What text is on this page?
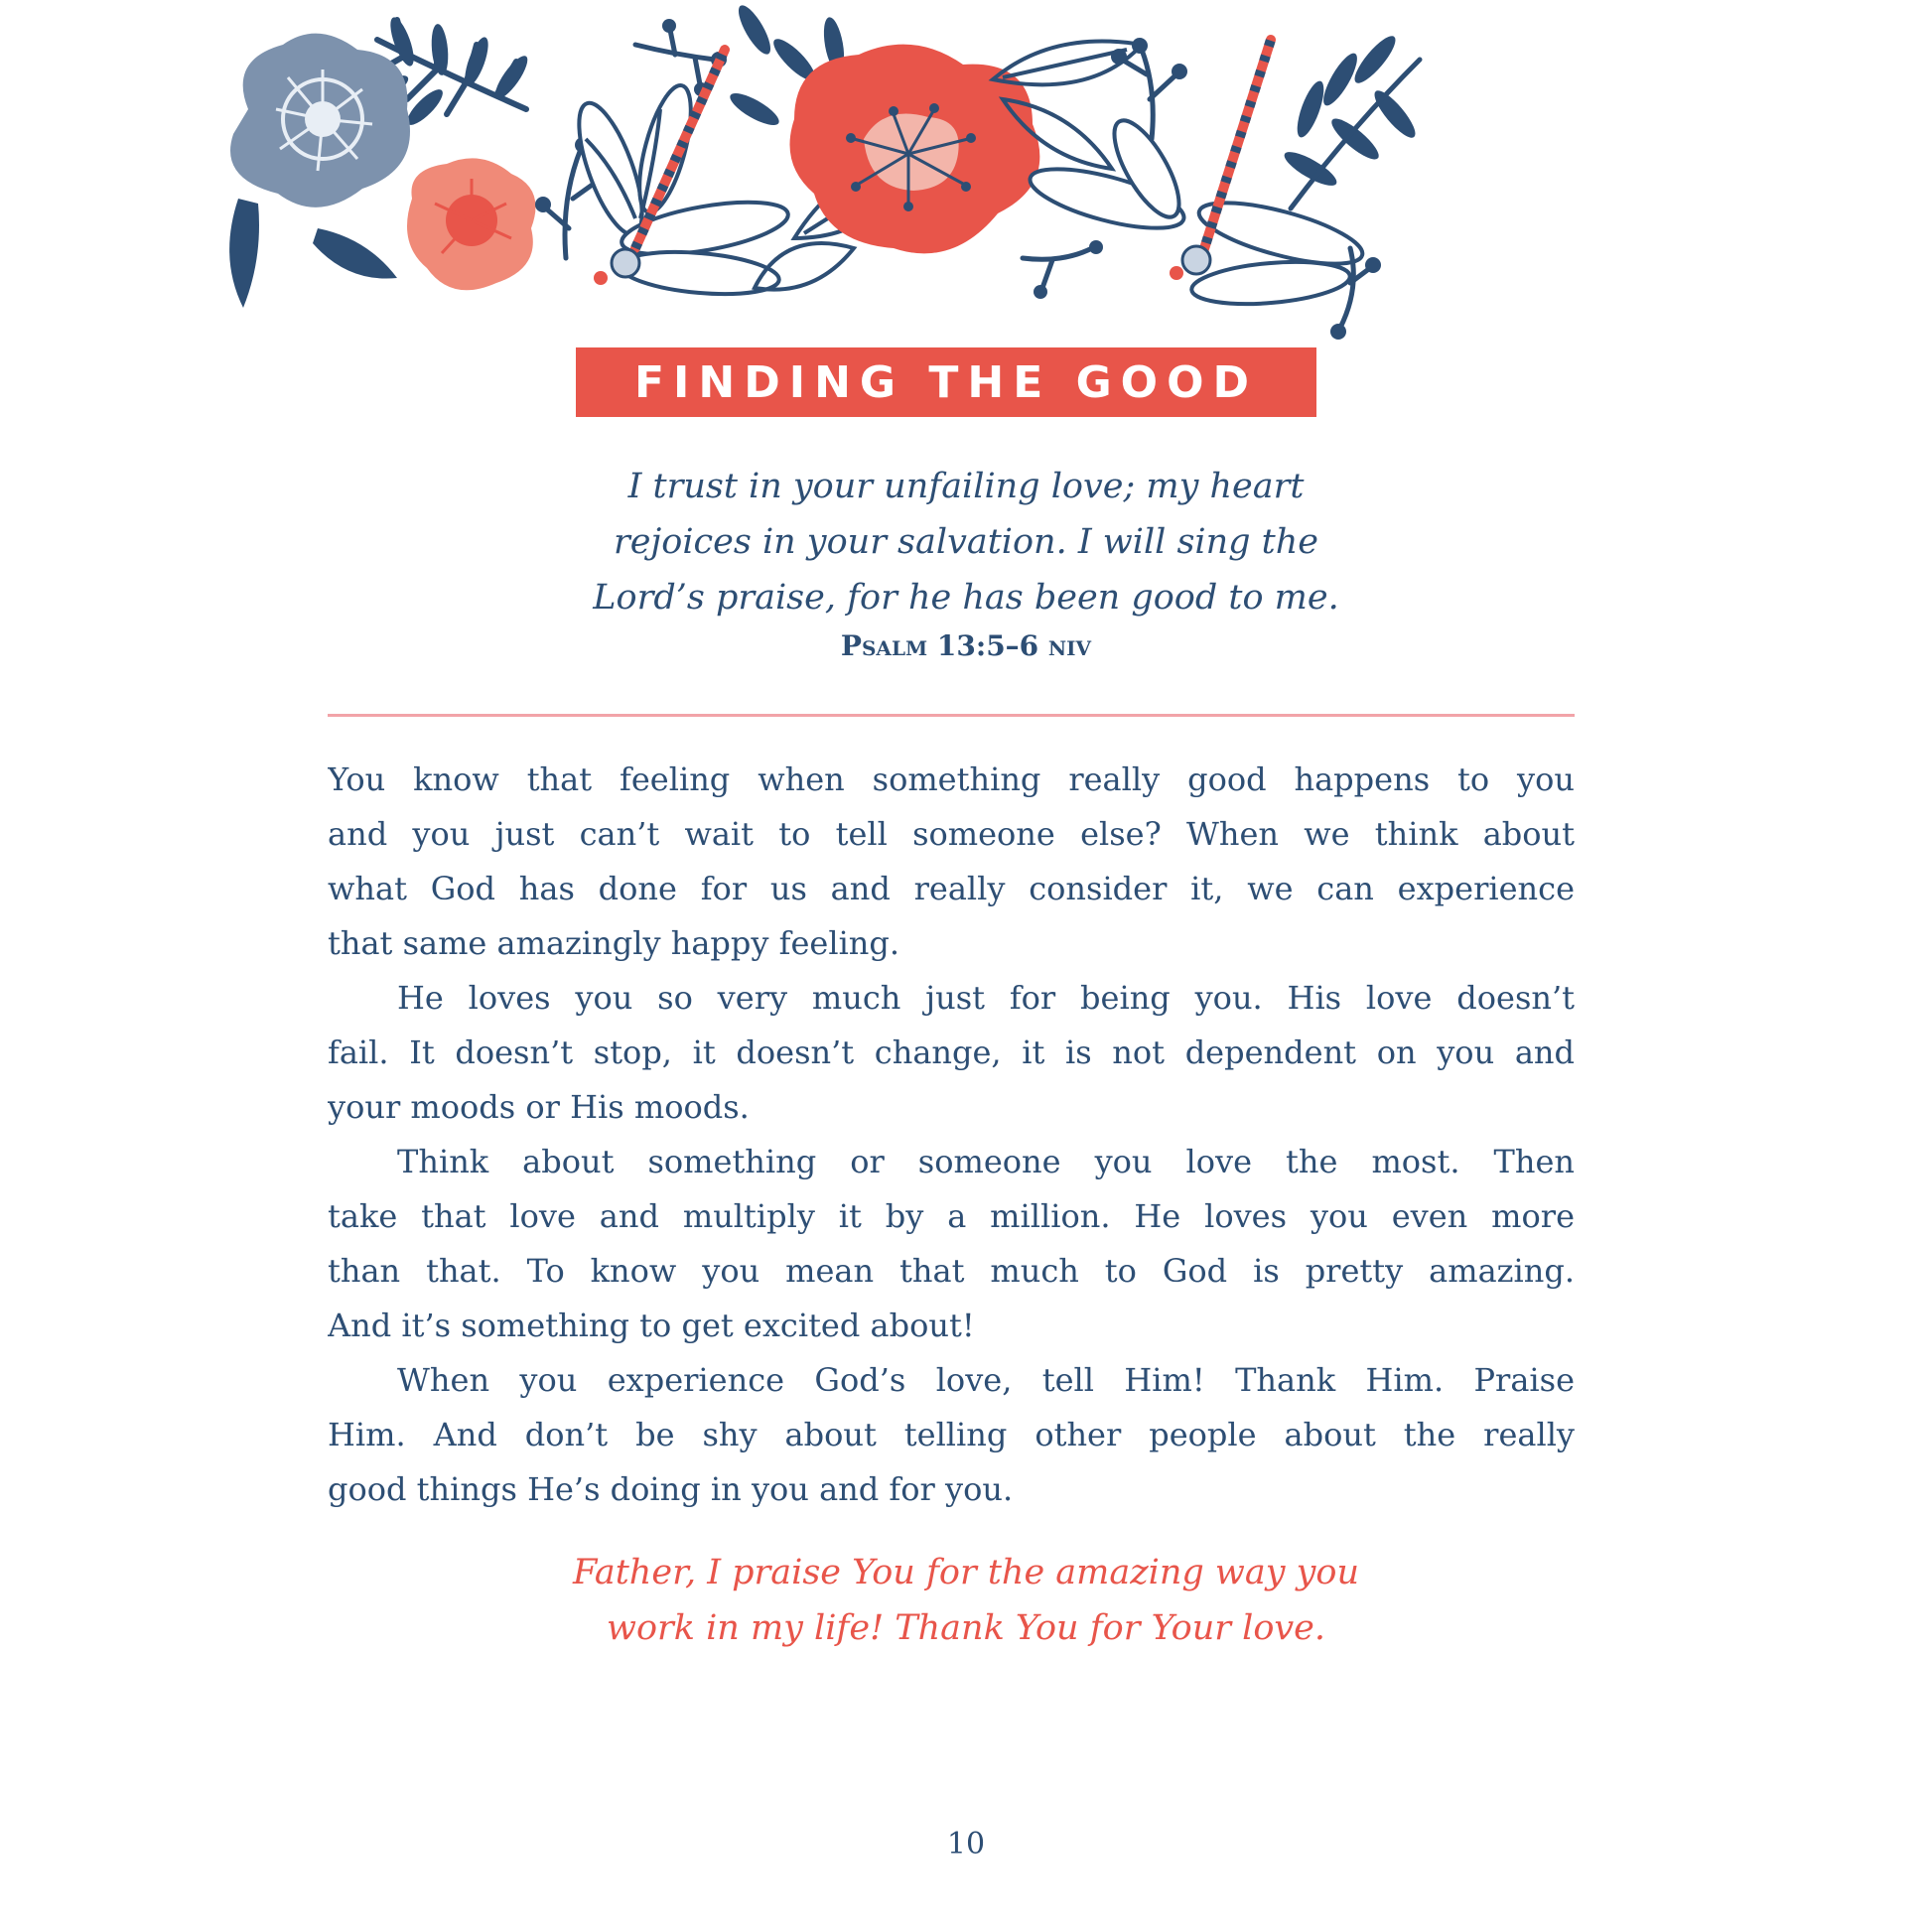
FINDING THE GOOD
I trust in your unfailing love; my heart
rejoices in your salvation. I will sing the
Lord’s praise, for he has been good to me.
Psalm 13:5–6 niv
You know that feeling when something really good happens to you
and you just can’t wait to tell someone else? When we think about
what God has done for us and really consider it, we can experience
that same amazingly happy feeling.
He loves you so very much just for being you. His love doesn’t
fail. It doesn’t stop, it doesn’t change, it is not dependent on you and
your moods or His moods.
Think about something or someone you love the most. Then
take that love and multiply it by a million. He loves you even more
than that. To know you mean that much to God is pretty amazing.
And it’s something to get excited about!
When you experience God’s love, tell Him! Thank Him. Praise
Him. And don’t be shy about telling other people about the really
good things He’s doing in you and for you.
Father, I praise You for the amazing way you
work in my life! Thank You for Your love.
10
